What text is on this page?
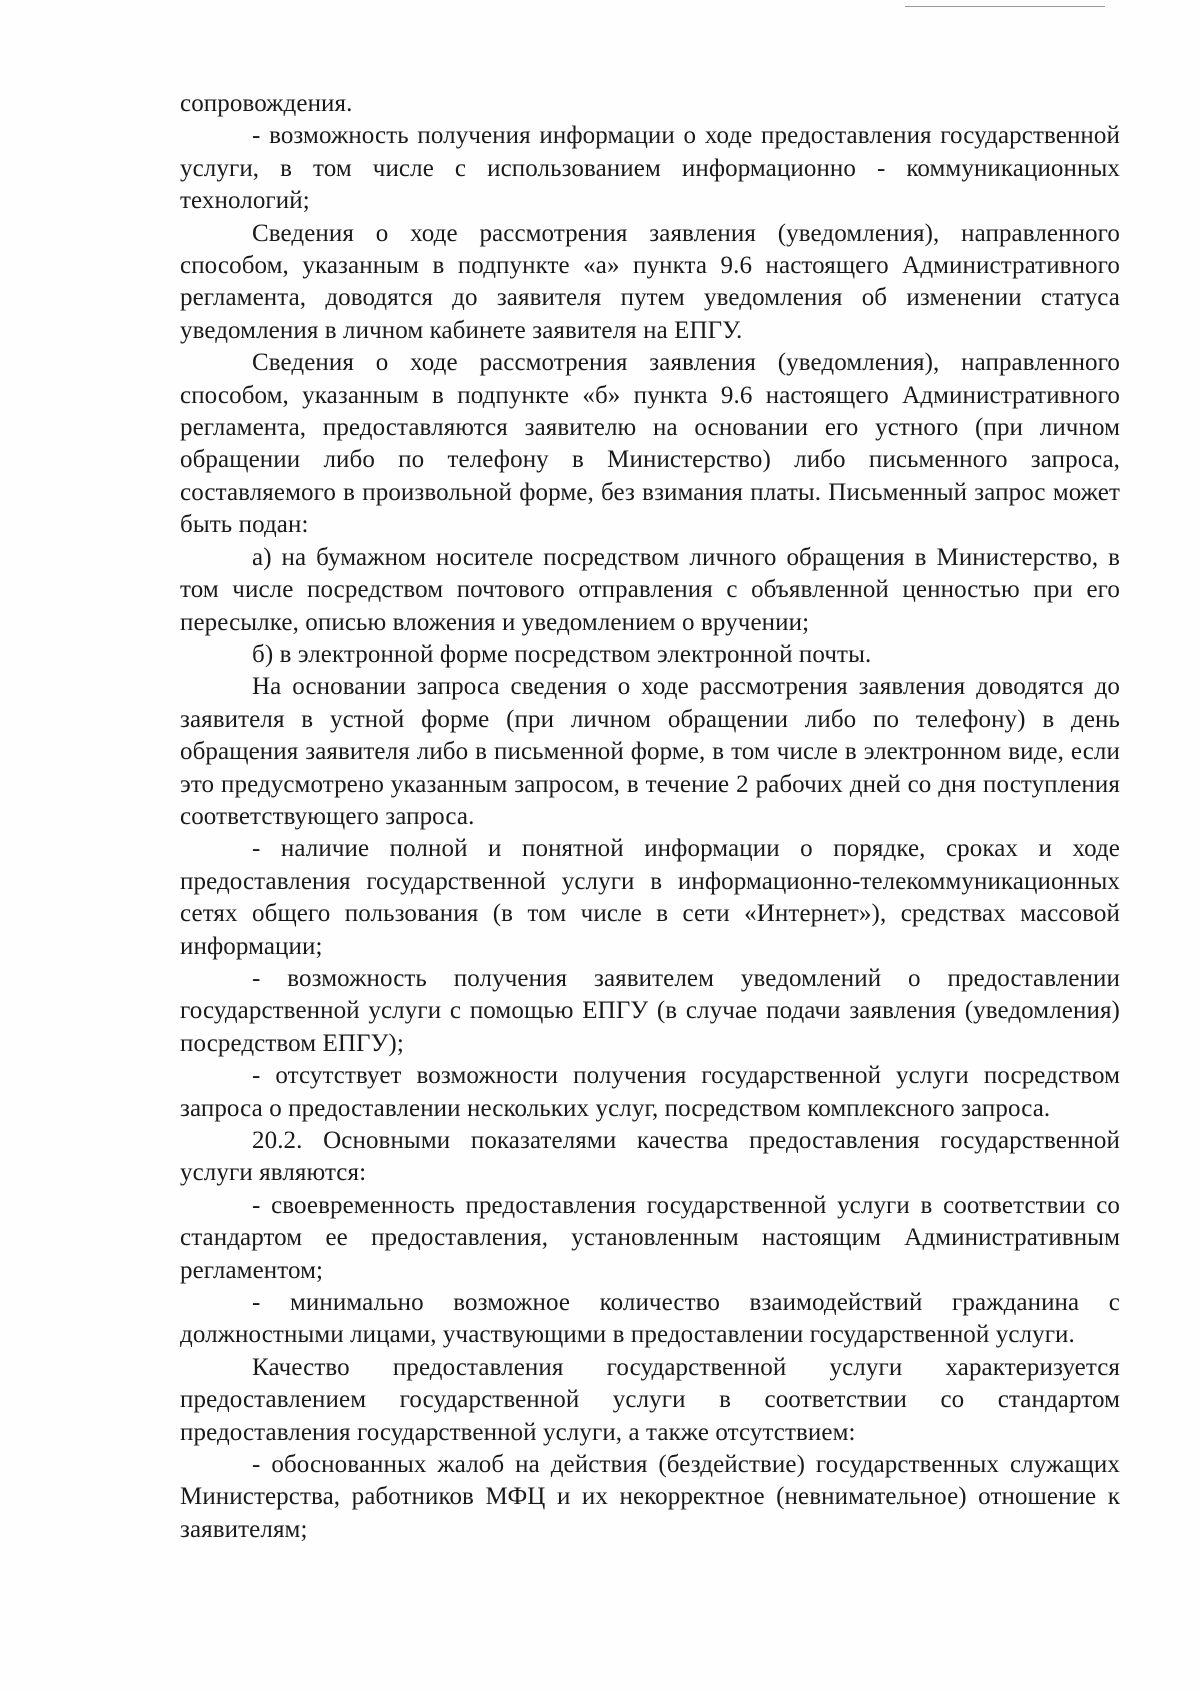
сопровождения.

- возможность получения информации о ходе предоставления государственной услуги, в том числе с использованием информационно - коммуникационных технологий;

Сведения о ходе рассмотрения заявления (уведомления), направленного способом, указанным в подпункте «а» пункта 9.6 настоящего Административного регламента, доводятся до заявителя путем уведомления об изменении статуса уведомления в личном кабинете заявителя на ЕПГУ.

Сведения о ходе рассмотрения заявления (уведомления), направленного способом, указанным в подпункте «б» пункта 9.6 настоящего Административного регламента, предоставляются заявителю на основании его устного (при личном обращении либо по телефону в Министерство) либо письменного запроса, составляемого в произвольной форме, без взимания платы. Письменный запрос может быть подан:

а) на бумажном носителе посредством личного обращения в Министерство, в том числе посредством почтового отправления с объявленной ценностью при его пересылке, описью вложения и уведомлением о вручении;

б) в электронной форме посредством электронной почты.

На основании запроса сведения о ходе рассмотрения заявления доводятся до заявителя в устной форме (при личном обращении либо по телефону) в день обращения заявителя либо в письменной форме, в том числе в электронном виде, если это предусмотрено указанным запросом, в течение 2 рабочих дней со дня поступления соответствующего запроса.

- наличие полной и понятной информации о порядке, сроках и ходе предоставления государственной услуги в информационно-телекоммуникационных сетях общего пользования (в том числе в сети «Интернет»), средствах массовой информации;

- возможность получения заявителем уведомлений о предоставлении государственной услуги с помощью ЕПГУ (в случае подачи заявления (уведомления) посредством ЕПГУ);

- отсутствует возможности получения государственной услуги посредством запроса о предоставлении нескольких услуг, посредством комплексного запроса.

20.2. Основными показателями качества предоставления государственной услуги являются:

- своевременность предоставления государственной услуги в соответствии со стандартом ее предоставления, установленным настоящим Административным регламентом;

- минимально возможное количество взаимодействий гражданина с должностными лицами, участвующими в предоставлении государственной услуги.

Качество предоставления государственной услуги характеризуется предоставлением государственной услуги в соответствии со стандартом предоставления государственной услуги, а также отсутствием:

- обоснованных жалоб на действия (бездействие) государственных служащих Министерства, работников МФЦ и их некорректное (невнимательное) отношение к заявителям;
